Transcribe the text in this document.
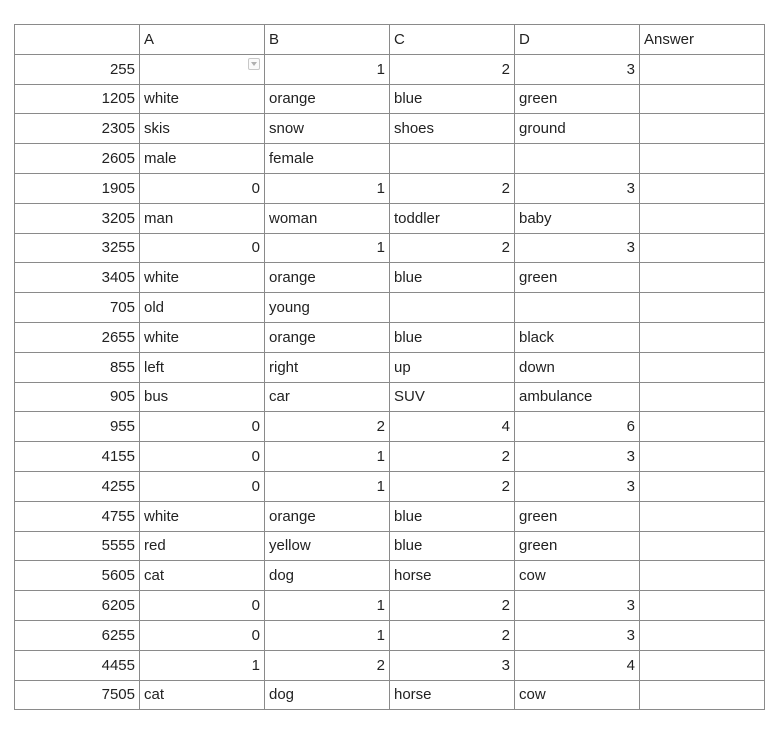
	A	B	C	D	Answer
255		1	2	3	
1205	white	orange	blue	green	
2305	skis	snow	shoes	ground	
2605	male	female			
1905	0	1	2	3	
3205	man	woman	toddler	baby	
3255	0	1	2	3	
3405	white	orange	blue	green	
705	old	young			
2655	white	orange	blue	black	
855	left	right	up	down	
905	bus	car	SUV	ambulance	
955	0	2	4	6	
4155	0	1	2	3	
4255	0	1	2	3	
4755	white	orange	blue	green	
5555	red	yellow	blue	green	
5605	cat	dog	horse	cow	
6205	0	1	2	3	
6255	0	1	2	3	
4455	1	2	3	4	
7505	cat	dog	horse	cow	
